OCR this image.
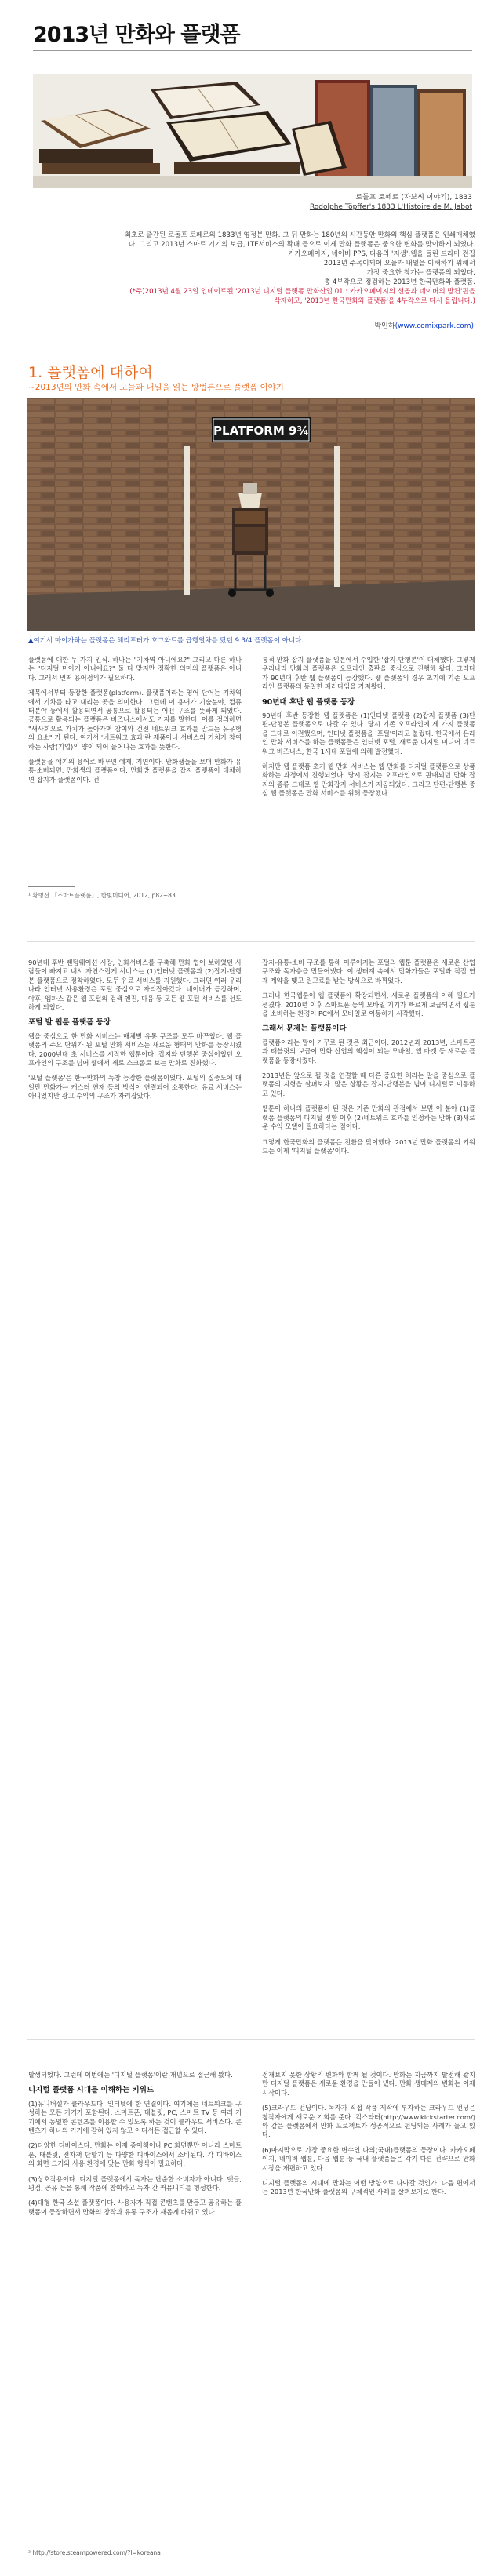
2013년 만화와 플랫폼
로돌프 토페르 (자보씨 이야기), 1833
Rodolphe Töpffer's 1833 L'Histoire de M. Jabot
최초로 출간된 로돌프 토페르의 1833년 영정본 만화. 그 뒤 만화는 180년의 시간동안 만화의 핵심 플랫폼은 인쇄매체였
다. 그리고 2013년 스마트 기기의 보급, LTE서비스의 확대 등으로 이제 만화 플랫폼은 중요한 변화를 맞이하게 되었다.
카카오페이지, 네이버 PPS, 다음의 '저생',웹을 들린 드라마 전집
2013년 주목이되어 오늘과 내일을 이해하기 위해서
가장 중요한 참가는 플랫폼의 되었다.
총 4부작으로 정검하는 2013년 한국만화와 플랫폼.
(*주)2013년 4월 23일 업데이트된 '2013년 디지털 플랫폼 만화산업 01 : 카카오페이지의 선공과 네이버의 방켠'편을
삭제하고, '2013년 한국만화와 플랫폼'을 4부작으로 다시 올립니다.)
박인하(www.comixpark.com)
1. 플랫폼에 대하여
~2013년의 만화 속에서 오늘과 내일을 읽는 방법론으로 플랫폼 이야기
PLATFORM 9¾
▲여기서 마이가하는 플랫폼은 해리포터가 호그와트를 급행열차를 탔던 9 3/4 플랫폼이 아니다.

플랫폼에 대한 두 가지 인식. 하나는 "기차역 아니에요?" 그리고 다른 하나는 "디지털 미아기 아니에요?" 둘 다 맞지만 정확한 의미의 플랫폼은 아니다. 그래서 먼저 용어정의가 필요하다.

제목에서부터 등장한 플랫폼(platform). 플랫폼이라는 영어 단어는 기차역에서 기차를 타고 내리는 곳을 의미한다. 그런데 이 용어가 기술분야, 컴퓨터분야 등에서 활용되면서 공통으로 활용되는 어떤 구조를 뜻하게 되었다. 공통으로 활용되는 플랫폼은 비즈니스에서도 기지를 발한다. 이를 정의하면 "새사회으로 가치가 높아가며 참여와 건전 네트워크 효과를 만드는 유우형의 요소" 가 된다. 여기서 '네트워크 효과'란 제품이나 서비스의 가치가 참여하는 사람(기업)의 양이 되어 늘어나는 효과를 뜻한다.

플랫폼을 얘기의 용어로 바꾸면 예제, 지면이다. 만화생들을 보며 만화가 유통·소비되면, 만화생의 플랫폼이다. 만화방 플랫폼을 잡지 플랫폼이 대체하면 잡지가 플랫폼이다. 전

¹ 황병선 「스마트플랫폼」, 한빛미디어, 2012, p82~83

통적 만화 잡지 플랫폼을 일본에서 수입한 '잡지-단행본'이 대체했다. 그렇게 우리나라 만화의 플랫폼은 오프라인 출판을 중심으로 진행해 왔다. 그러다가 90년대 후반 웹 플랫폼이 등장했다. 웹 플랫폼의 경우 초기에 기존 오프라인 플랫폼의 동일한 패러다임을 가져왔다.

90년대 후반 웹 플랫폼 등장

90년대 후반 등장한 웹 플랫폼은 (1)인터넷 플랫폼 (2)잡지 플랫폼 (3)단편-단행본 플랫폼으로 나갈 수 있다. 당시 기존 오프라인에 세 가지 플랫폼을 그대로 이전했으며, 인터넷 플랫폼을 '포털'이라고 불렀다. 한국에서 온라인 만화 서비스를 하는 플랫폼들은 인터넷 포털, 새로운 디지털 미디어 네트워크 비즈니스, 한국 1세대 포털에 의해 발전했다.

하지만 웹 플랫폼 초기 웹 만화 서비스는 웹 만화를 디지털 플랫폼으로 상품화하는 과정에서 진행되었다. 당시 잡지는 오프라인으로 판매되던 만화 잡지의 종류 그대로 웹 만화잡지 서비스가 제공되었다. 그리고 단편-단행본 중심 웹 플랫폼은 만화 서비스를 위해 등장했다.

90년대 후반 랜덤웨이션 시장, 인화서비스를 구축해 만화 업이 보하였던 사람들이 빠지고 내서 자연스럽게 서비스는 (1)인터넷 플랫폼과 (2)잡지-단행본 플랫폼으로 정착하였다. 모두 유료 서비스를 지원했다. 그러면 여러 우리나라 인터넷 사용환경은 포털 중심으로 자리잡아갔다. 네이버가 등장하며, 야후, 엠파스 같은 웹 포털의 검색 엔진, 다음 등 모든 웹 포털 서비스를 선도하게 되었다.

포털 발 웹툰 플랫폼 등장

웹을 중심으로 한 만화 서비스는 매체별 유통 구조를 모두 바꾸었다. 웹 플랫폼의 주요 단위가 된 포털 만화 서비스는 새로운 형태의 만화를 등장시켰다. 2000년대 초 서비스를 시작한 웹툰이다. 잡지와 단행본 중심이었던 오프라인의 구조를 넘어 웹에서 세로 스크롤로 보는 만화로 진화했다.

'포털 플랫폼'은 한국만화의 독창 등장한 플랫폼이었다. 포털의 집중도에 매일만 만화가는 캐스터 연재 등의 방식이 연결되어 소통한다. 유료 서비스는 아니었지만 광고 수익의 구조가 자리잡았다.

잡지-유통-소비 구조를 통해 이루어지는 포털의 웹툰 플랫폼은 새로운 산업 구조와 독자층을 만들어냈다. 이 생태계 속에서 만화가들은 포털과 직접 연재 계약을 맺고 원고료를 받는 방식으로 바뀌었다.

그러나 한국웹툰이 웹 플랫폼에 확장되면서, 새로운 플랫폼의 이해 필요가 생겼다. 2010년 이후 스마트폰 등의 모바일 기기가 빠르게 보급되면서 웹툰을 소비하는 환경이 PC에서 모바일로 이동하기 시작했다.

그래서 문제는 플랫폼이다

플랫폼이라는 말이 거꾸로 된 것은 최근이다. 2012년과 2013년, 스마트폰과 태블릿의 보급이 만화 산업의 핵심이 되는 모바일, 앱 마켓 등 새로운 플랫폼을 등장시켰다.

2013년은 앞으로 될 것을 연결할 때 다른 중요한 해라는 말을 중심으로 플랫폼의 지형을 살펴보자. 많은 상황은 잡지-단행본을 넘어 디지털로 이동하고 있다.

웹툰이 하나의 플랫폼이 된 것은 기존 만화의 관점에서 보면 이 분야 (1)플랫폼 플랫폼의 디지털 전환 이후 (2)네트워크 효과를 인정하는 만화 (3)새로운 수익 모델이 필요하다는 점이다.

그렇게 한국만화의 플랫폼은 전환을 맞이했다. 2013년 만화 플랫폼의 키워드는 이제 '디지털 플랫폼'이다.

발생되었다. 그런데 이번에는 '디지털 플랫폼'이란 개념으로 접근해 봤다.

디지털 플랫폼 시대를 이해하는 키워드

(1)유니버설과 클라우드다. 인터넷에 한 연결이다. 여기에는 네트워크를 구성하는 모든 기기가 포함된다. 스마트폰, 태블릿, PC, 스마트 TV 등 여러 기기에서 동일한 콘텐츠를 이용할 수 있도록 하는 것이 클라우드 서비스다. 콘텐츠가 하나의 기기에 갇혀 있지 않고 어디서든 접근할 수 있다.

(2)다양한 디바이스다. 만화는 이제 종이책이나 PC 화면뿐만 아니라 스마트폰, 태블릿, 전자책 단말기 등 다양한 디바이스에서 소비된다. 각 디바이스의 화면 크기와 사용 환경에 맞는 만화 형식이 필요하다.

(3)상호작용이다. 디지털 플랫폼에서 독자는 단순한 소비자가 아니다. 댓글, 평점, 공유 등을 통해 작품에 참여하고 독자 간 커뮤니티를 형성한다.

(4)대형 한국 소셜 플랫폼이다. 사용자가 직접 콘텐츠를 만들고 공유하는 플랫폼이 등장하면서 만화의 창작과 유통 구조가 새롭게 바뀌고 있다.

² http://store.steampowered.com/?l=koreana

정재보지 못한 상황의 변화와 함께 될 것이다. 만화는 지금까지 발전해 왔지만 디지털 플랫폼은 새로운 환경을 만들어 냈다. 만화 생태계의 변화는 이제 시작이다.

(5)크라우드 펀딩이다. 독자가 직접 작품 제작에 투자하는 크라우드 펀딩은 창작자에게 새로운 기회를 준다. 킥스타터(http://www.kickstarter.com/)와 같은 플랫폼에서 만화 프로젝트가 성공적으로 펀딩되는 사례가 늘고 있다.

(6)마지막으로 가장 중요한 변수인 나의(국내)플랫폼의 등장이다. 카카오페이지, 네이버 웹툰, 다음 웹툰 등 국내 플랫폼들은 각기 다른 전략으로 만화 시장을 재편하고 있다.

디지털 플랫폼의 시대에 만화는 어떤 방향으로 나아갈 것인가. 다음 편에서는 2013년 한국만화 플랫폼의 구체적인 사례를 살펴보기로 한다.
